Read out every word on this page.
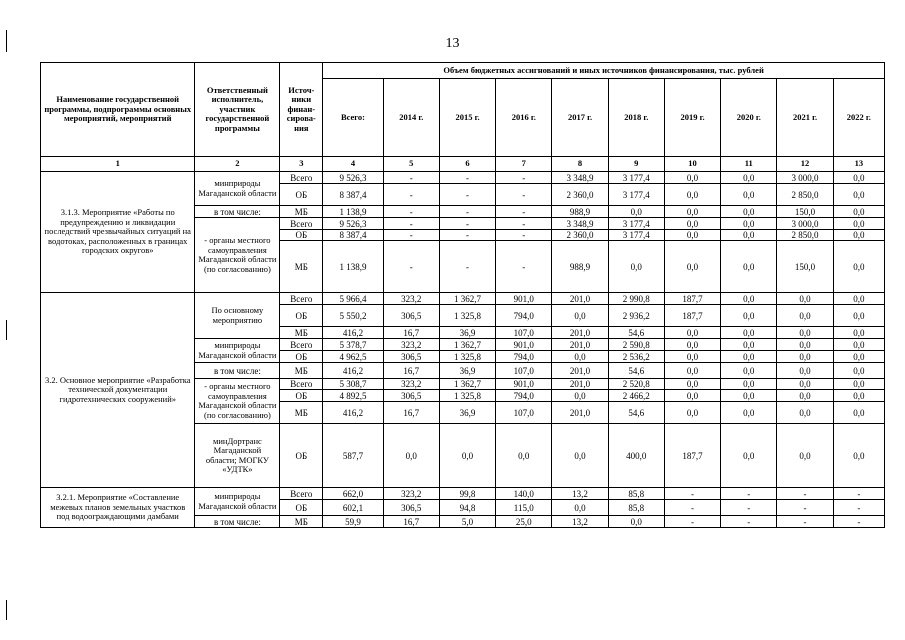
13
Наименование государственной программы, подпрограммы основных мероприятий, мероприятий	Ответственный исполнитель, участник государственной программы	Источ-ники финан-сирова-ния	Объем бюджетных ассигнований и иных источников финансирования, тыс. рублей									
			Всего:	2014 г.	2015 г.	2016 г.	2017 г.	2018 г.	2019 г.	2020 г.	2021 г.	2022 г.
1	2	3	4	5	6	7	8	9	10	11	12	13
3.1.3. Мероприятие «Работы по предупреждению и ликвидации последствий чрезвычайных ситуаций на водотоках, расположенных в границах городских округов»	минприроды Магаданской области	Всего	9 526,3	-	-	-	3 348,9	3 177,4	0,0	0,0	3 000,0	0,0
		ОБ	8 387,4	-	-	-	2 360,0	3 177,4	0,0	0,0	2 850,0	0,0
	в том числе:	МБ	1 138,9	-	-	-	988,9	0,0	0,0	0,0	150,0	0,0
	- органы местного самоуправления Магаданской области (по согласованию)	Всего	9 526,3	-	-	-	3 348,9	3 177,4	0,0	0,0	3 000,0	0,0
		ОБ	8 387,4	-	-	-	2 360,0	3 177,4	0,0	0,0	2 850,0	0,0
		МБ	1 138,9	-	-	-	988,9	0,0	0,0	0,0	150,0	0,0
3.2. Основное мероприятие «Разработка технической документации гидротехнических сооружений»	По основному мероприятию	Всего	5 966,4	323,2	1 362,7	901,0	201,0	2 990,8	187,7	0,0	0,0	0,0
		ОБ	5 550,2	306,5	1 325,8	794,0	0,0	2 936,2	187,7	0,0	0,0	0,0
		МБ	416,2	16,7	36,9	107,0	201,0	54,6	0,0	0,0	0,0	0,0
	минприроды Магаданской области	Всего	5 378,7	323,2	1 362,7	901,0	201,0	2 590,8	0,0	0,0	0,0	0,0
		ОБ	4 962,5	306,5	1 325,8	794,0	0,0	2 536,2	0,0	0,0	0,0	0,0
	в том числе:	МБ	416,2	16,7	36,9	107,0	201,0	54,6	0,0	0,0	0,0	0,0
	- органы местного самоуправления Магаданской области (по согласованию)	Всего	5 308,7	323,2	1 362,7	901,0	201,0	2 520,8	0,0	0,0	0,0	0,0
		ОБ	4 892,5	306,5	1 325,8	794,0	0,0	2 466,2	0,0	0,0	0,0	0,0
		МБ	416,2	16,7	36,9	107,0	201,0	54,6	0,0	0,0	0,0	0,0
	минДортранс Магаданской области; МОГКУ «УДТК»	ОБ	587,7	0,0	0,0	0,0	0,0	400,0	187,7	0,0	0,0	0,0
3.2.1. Мероприятие «Составление межевых планов земельных участков под водоограждающими дамбами	минприроды Магаданской области	Всего	662,0	323,2	99,8	140,0	13,2	85,8	-	-	-	-
		ОБ	602,1	306,5	94,8	115,0	0,0	85,8	-	-	-	-
	в том числе:	МБ	59,9	16,7	5,0	25,0	13,2	0,0	-	-	-	-
